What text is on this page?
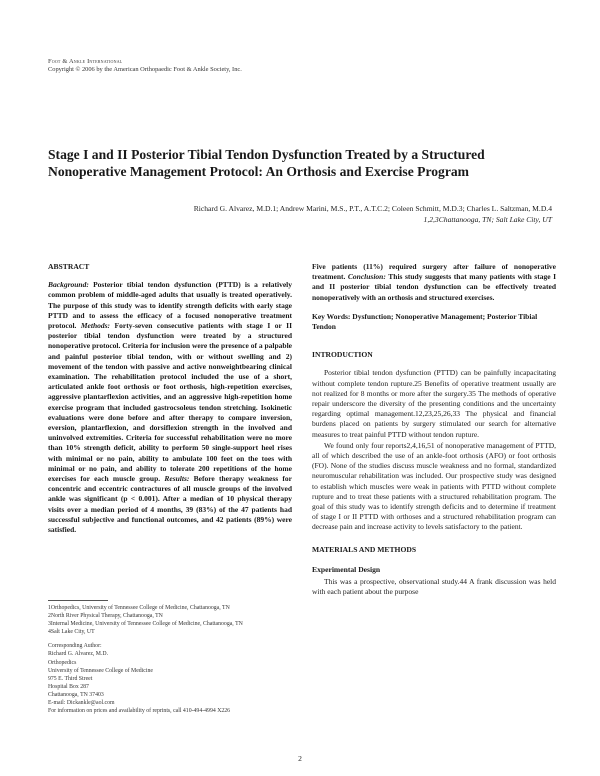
Foot & Ankle International
Copyright © 2006 by the American Orthopaedic Foot & Ankle Society, Inc.
Stage I and II Posterior Tibial Tendon Dysfunction Treated by a Structured Nonoperative Management Protocol: An Orthosis and Exercise Program
Richard G. Alvarez, M.D.1; Andrew Marini, M.S., P.T., A.T.C.2; Coleen Schmitt, M.D.3; Charles L. Saltzman, M.D.4
1,2,3Chattanooga, TN; Salt Lake City, UT
ABSTRACT
Background: Posterior tibial tendon dysfunction (PTTD) is a relatively common problem of middle-aged adults that usually is treated operatively. The purpose of this study was to identify strength deficits with early stage PTTD and to assess the efficacy of a focused nonoperative treatment protocol. Methods: Forty-seven consecutive patients with stage I or II posterior tibial tendon dysfunction were treated by a structured nonoperative protocol. Criteria for inclusion were the presence of a palpable and painful posterior tibial tendon, with or without swelling and 2) movement of the tendon with passive and active nonweightbearing clinical examination. The rehabilitation protocol included the use of a short, articulated ankle foot orthosis or foot orthosis, high-repetition exercises, aggressive plantarflexion activities, and an aggressive high-repetition home exercise program that included gastrocsoleus tendon stretching. Isokinetic evaluations were done before and after therapy to compare inversion, eversion, plantarflexion, and dorsiflexion strength in the involved and uninvolved extremities. Criteria for successful rehabilitation were no more than 10% strength deficit, ability to perform 50 single-support heel rises with minimal or no pain, ability to ambulate 100 feet on the toes with minimal or no pain, and ability to tolerate 200 repetitions of the home exercises for each muscle group. Results: Before therapy weakness for concentric and eccentric contractures of all muscle groups of the involved ankle was significant (p < 0.001). After a median of 10 physical therapy visits over a median period of 4 months, 39 (83%) of the 47 patients had successful subjective and functional outcomes, and 42 patients (89%) were satisfied.
1Orthopedics, University of Tennessee College of Medicine, Chattanooga, TN
2North River Physical Therapy, Chattanooga, TN
3Internal Medicine, University of Tennessee College of Medicine, Chattanooga, TN
4Salt Lake City, UT
Corresponding Author:
Richard G. Alvarez, M.D.
Orthopedics
University of Tennessee College of Medicine
975 E. Third Street
Hospital Box 287
Chattanooga, TN 37403
E-mail: Dickankle@aol.com
For information on prices and availability of reprints, call 410-494-4994 X226
Five patients (11%) required surgery after failure of nonoperative treatment. Conclusion: This study suggests that many patients with stage I and II posterior tibial tendon dysfunction can be effectively treated nonoperatively with an orthosis and structured exercises.
Key Words: Dysfunction; Nonoperative Management; Posterior Tibial Tendon
INTRODUCTION
Posterior tibial tendon dysfunction (PTTD) can be painfully incapacitating without complete tendon rupture.25 Benefits of operative treatment usually are not realized for 8 months or more after the surgery.35 The methods of operative repair underscore the diversity of the presenting conditions and the uncertainty regarding optimal management.12,23,25,26,33 The physical and financial burdens placed on patients by surgery stimulated our search for alternative measures to treat painful PTTD without tendon rupture.
We found only four reports2,4,16,51 of nonoperative management of PTTD, all of which described the use of an ankle-foot orthosis (AFO) or foot orthosis (FO). None of the studies discuss muscle weakness and no formal, standardized neuromuscular rehabilitation was included. Our prospective study was designed to establish which muscles were weak in patients with PTTD without complete rupture and to treat these patients with a structured rehabilitation program. The goal of this study was to identify strength deficits and to determine if treatment of stage I or II PTTD with orthoses and a structured rehabilitation program can decrease pain and increase activity to levels satisfactory to the patient.
MATERIALS AND METHODS
Experimental Design
This was a prospective, observational study.44 A frank discussion was held with each patient about the purpose
2
